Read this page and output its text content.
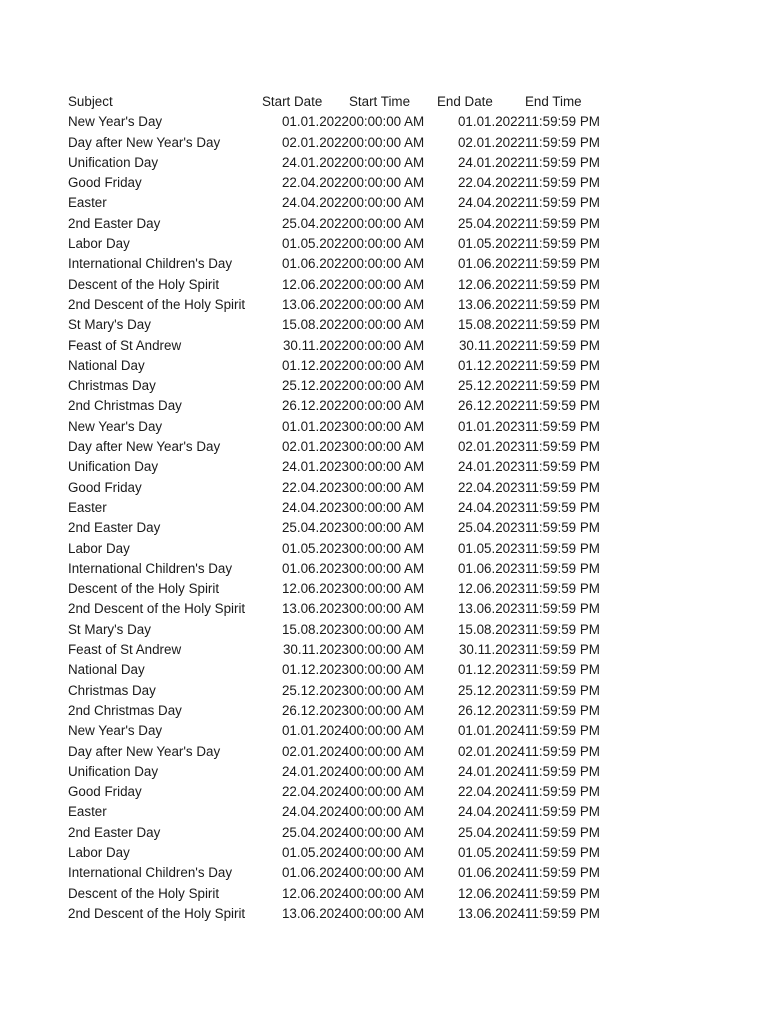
Subject	Start Date	Start Time	End Date	End Time
New Year's Day	01.01.2022	00:00:00 AM	01.01.2022	11:59:59 PM
Day after New Year's Day	02.01.2022	00:00:00 AM	02.01.2022	11:59:59 PM
Unification Day	24.01.2022	00:00:00 AM	24.01.2022	11:59:59 PM
Good Friday	22.04.2022	00:00:00 AM	22.04.2022	11:59:59 PM
Easter	24.04.2022	00:00:00 AM	24.04.2022	11:59:59 PM
2nd Easter Day	25.04.2022	00:00:00 AM	25.04.2022	11:59:59 PM
Labor Day	01.05.2022	00:00:00 AM	01.05.2022	11:59:59 PM
International Children's Day	01.06.2022	00:00:00 AM	01.06.2022	11:59:59 PM
Descent of the Holy Spirit	12.06.2022	00:00:00 AM	12.06.2022	11:59:59 PM
2nd Descent of the Holy Spirit	13.06.2022	00:00:00 AM	13.06.2022	11:59:59 PM
St Mary's Day	15.08.2022	00:00:00 AM	15.08.2022	11:59:59 PM
Feast of St Andrew	30.11.2022	00:00:00 AM	30.11.2022	11:59:59 PM
National Day	01.12.2022	00:00:00 AM	01.12.2022	11:59:59 PM
Christmas Day	25.12.2022	00:00:00 AM	25.12.2022	11:59:59 PM
2nd Christmas Day	26.12.2022	00:00:00 AM	26.12.2022	11:59:59 PM
New Year's Day	01.01.2023	00:00:00 AM	01.01.2023	11:59:59 PM
Day after New Year's Day	02.01.2023	00:00:00 AM	02.01.2023	11:59:59 PM
Unification Day	24.01.2023	00:00:00 AM	24.01.2023	11:59:59 PM
Good Friday	22.04.2023	00:00:00 AM	22.04.2023	11:59:59 PM
Easter	24.04.2023	00:00:00 AM	24.04.2023	11:59:59 PM
2nd Easter Day	25.04.2023	00:00:00 AM	25.04.2023	11:59:59 PM
Labor Day	01.05.2023	00:00:00 AM	01.05.2023	11:59:59 PM
International Children's Day	01.06.2023	00:00:00 AM	01.06.2023	11:59:59 PM
Descent of the Holy Spirit	12.06.2023	00:00:00 AM	12.06.2023	11:59:59 PM
2nd Descent of the Holy Spirit	13.06.2023	00:00:00 AM	13.06.2023	11:59:59 PM
St Mary's Day	15.08.2023	00:00:00 AM	15.08.2023	11:59:59 PM
Feast of St Andrew	30.11.2023	00:00:00 AM	30.11.2023	11:59:59 PM
National Day	01.12.2023	00:00:00 AM	01.12.2023	11:59:59 PM
Christmas Day	25.12.2023	00:00:00 AM	25.12.2023	11:59:59 PM
2nd Christmas Day	26.12.2023	00:00:00 AM	26.12.2023	11:59:59 PM
New Year's Day	01.01.2024	00:00:00 AM	01.01.2024	11:59:59 PM
Day after New Year's Day	02.01.2024	00:00:00 AM	02.01.2024	11:59:59 PM
Unification Day	24.01.2024	00:00:00 AM	24.01.2024	11:59:59 PM
Good Friday	22.04.2024	00:00:00 AM	22.04.2024	11:59:59 PM
Easter	24.04.2024	00:00:00 AM	24.04.2024	11:59:59 PM
2nd Easter Day	25.04.2024	00:00:00 AM	25.04.2024	11:59:59 PM
Labor Day	01.05.2024	00:00:00 AM	01.05.2024	11:59:59 PM
International Children's Day	01.06.2024	00:00:00 AM	01.06.2024	11:59:59 PM
Descent of the Holy Spirit	12.06.2024	00:00:00 AM	12.06.2024	11:59:59 PM
2nd Descent of the Holy Spirit	13.06.2024	00:00:00 AM	13.06.2024	11:59:59 PM
